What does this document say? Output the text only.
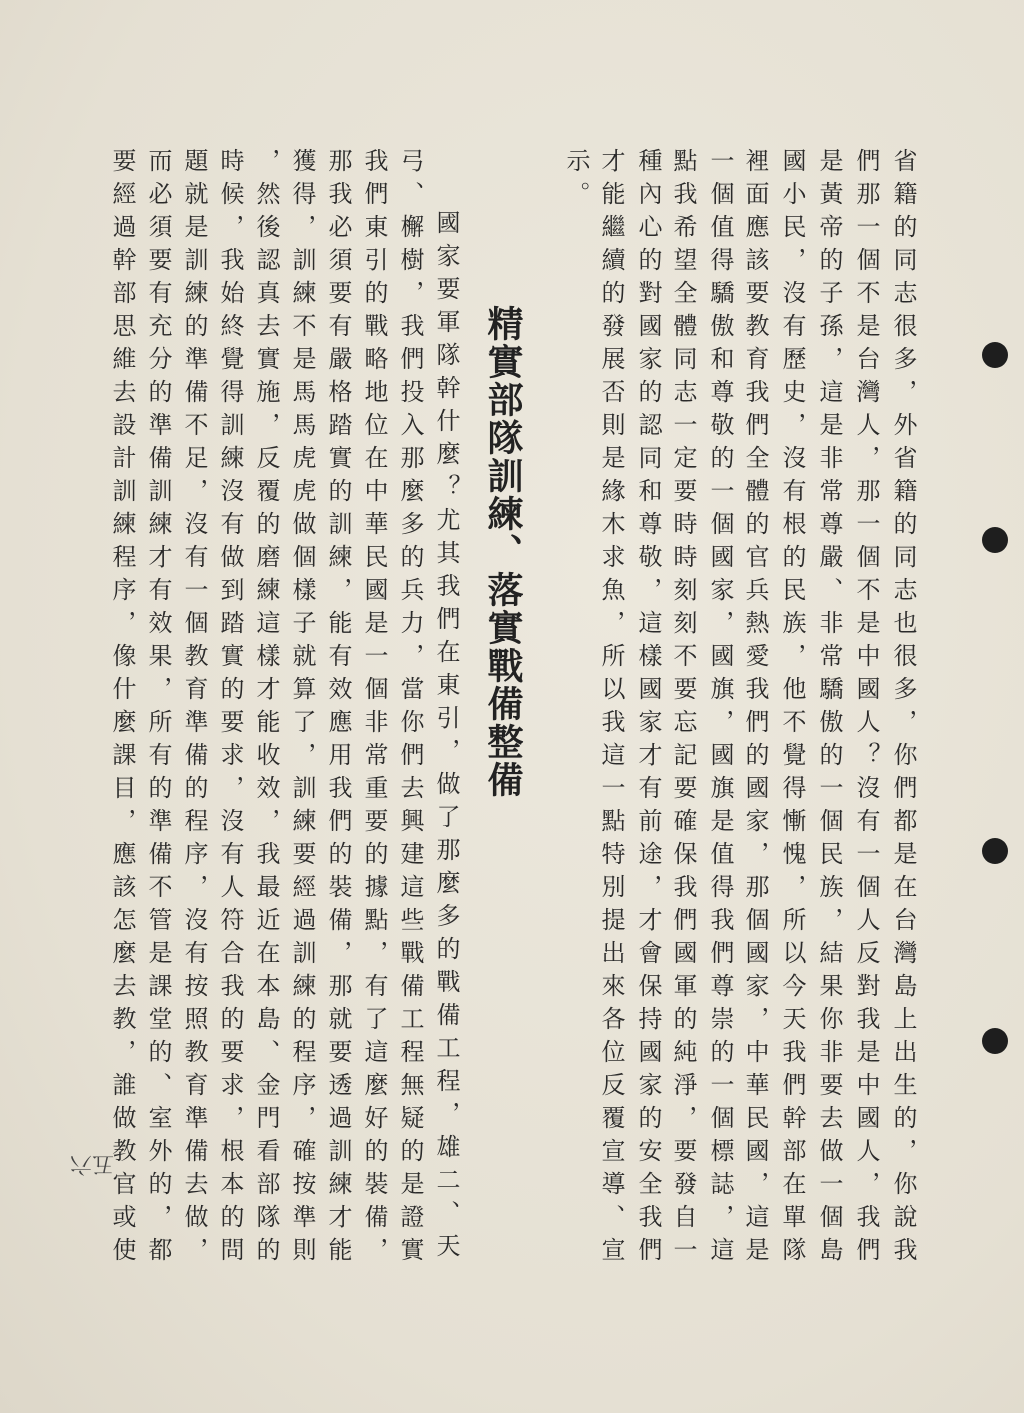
省籍的同志很多，外省籍的同志也很多，你們都是在台灣島上出生的，你說我
們那一個不是台灣人，那一個不是中國人？沒有一個人反對我是中國人，我們
是黃帝的子孫，這是非常尊嚴、非常驕傲的一個民族，結果你非要去做一個島
國小民，沒有歷史，沒有根的民族，他不覺得慚愧，所以今天我們幹部在單隊
裡面應該要教育我們全體的官兵熱愛我們的國家，那個國家，中華民國，這是
一個值得驕傲和尊敬的一個國家，國旗，國旗是值得我們尊崇的一個標誌，這
點我希望全體同志一定要時時刻刻不要忘記要確保我們國軍的純淨，要發自一
種內心的對國家的認同和尊敬，這樣國家才有前途，才會保持國家的安全我們
才能繼續的發展否則是緣木求魚，所以我這一點特別提出來各位反覆宣導、宣
示。
精實部隊訓練、落實戰備整備
國家要軍隊幹什麼？尤其我們在東引，做了那麼多的戰備工程，雄二、天
弓、檞樹，我們投入那麼多的兵力，當你們去興建這些戰備工程無疑的是證實
我們東引的戰略地位在中華民國是一個非常重要的據點，有了這麼好的裝備，
那我必須要有嚴格踏實的訓練，能有效應用我們的裝備，那就要透過訓練才能
獲得，訓練不是馬馬虎虎做個樣子就算了，訓練要經過訓練的程序，確按準則
，然後認真去實施，反覆的磨練這樣才能收效，我最近在本島、金門看部隊的
時候，我始終覺得訓練沒有做到踏實的要求，沒有人符合我的要求，根本的問
題就是訓練的準備不足，沒有一個教育準備的程序，沒有按照教育準備去做，
而必須要有充分的準備訓練才有效果，所有的準備不管是課堂的、室外的，都
要經過幹部思維去設計訓練程序，像什麼課目，應該怎麼去教，誰做教官或使
五六
